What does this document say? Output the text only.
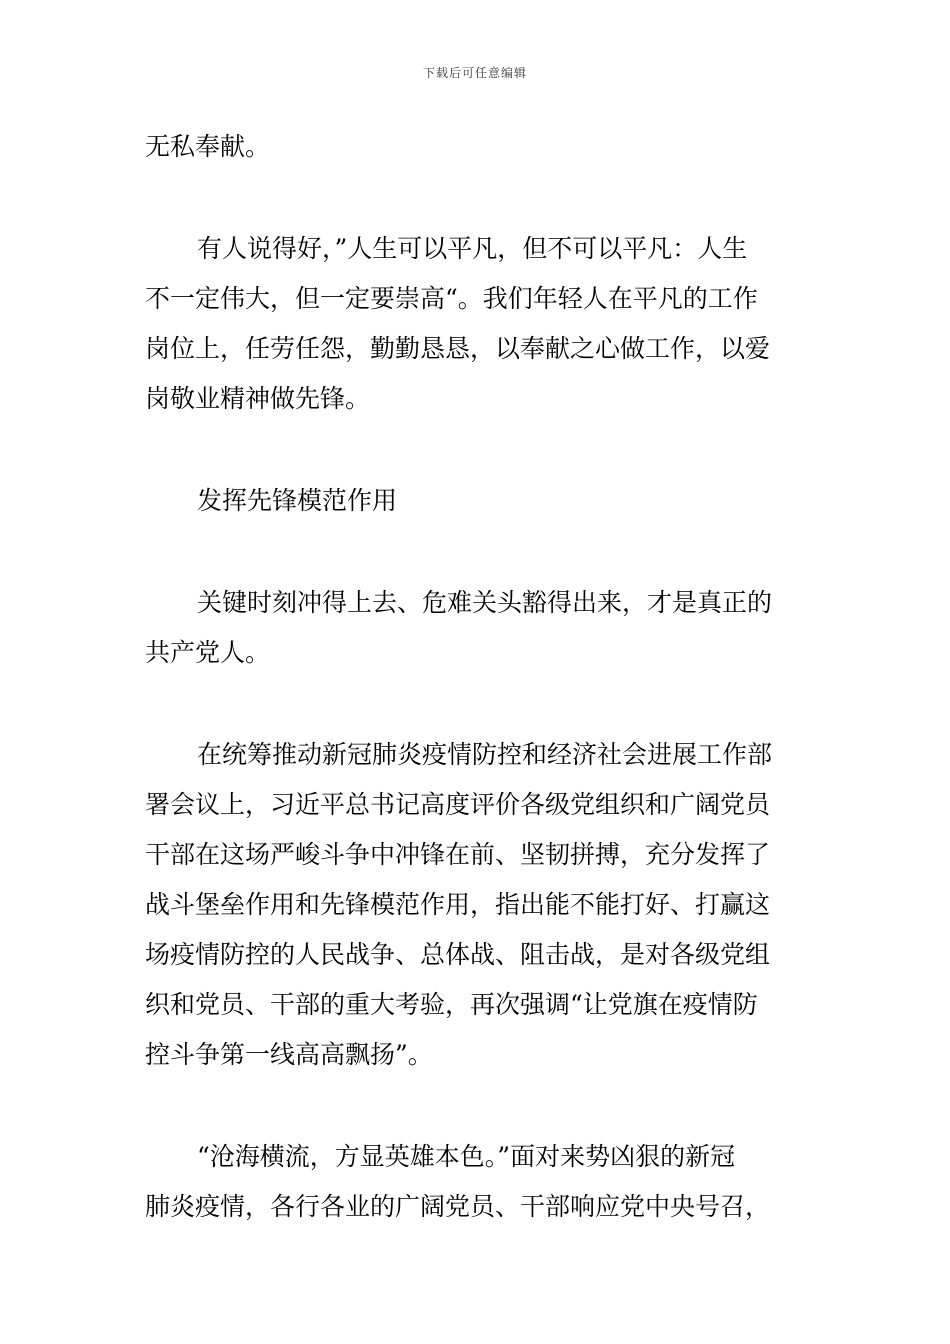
下载后可任意编辑
无私奉献。
有人说得好，”人生可以平凡，但不可以平凡：人生
不一定伟大，但一定要崇高“。我们年轻人在平凡的工作
岗位上，任劳任怨，勤勤恳恳，以奉献之心做工作，以爱
岗敬业精神做先锋。
发挥先锋模范作用
关键时刻冲得上去、危难关头豁得出来，才是真正的
共产党人。
在统筹推动新冠肺炎疫情防控和经济社会进展工作部
署会议上，习近平总书记高度评价各级党组织和广阔党员
干部在这场严峻斗争中冲锋在前、坚韧拼搏，充分发挥了
战斗堡垒作用和先锋模范作用，指出能不能打好、打赢这
场疫情防控的人民战争、总体战、阻击战，是对各级党组
织和党员、干部的重大考验，再次强调“让党旗在疫情防
控斗争第一线高高飘扬”。
“沧海横流，方显英雄本色。”面对来势凶狠的新冠
肺炎疫情，各行各业的广阔党员、干部响应党中央号召，
